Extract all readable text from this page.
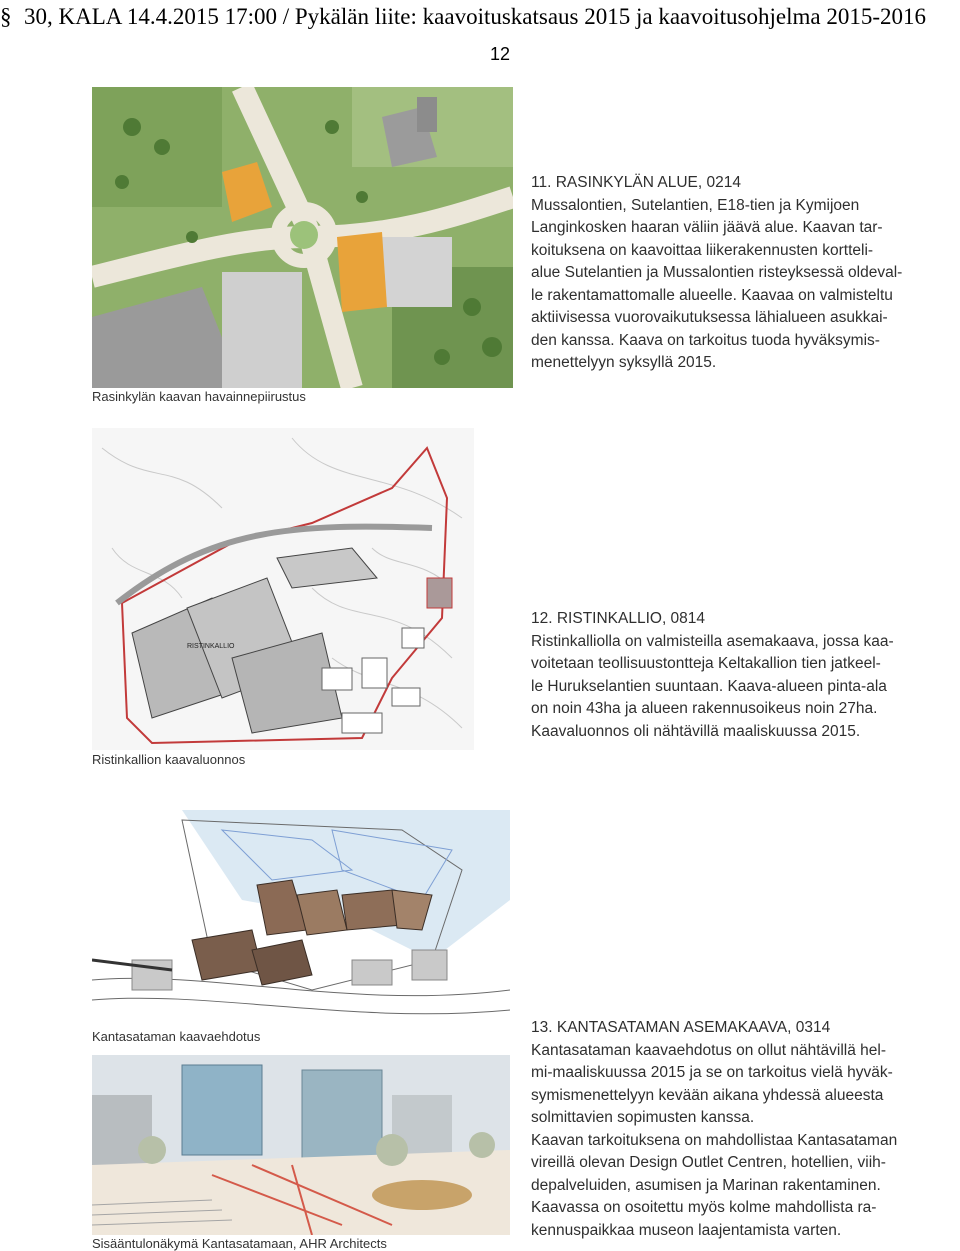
§ 30, KALA 14.4.2015 17:00 / Pykälän liite: kaavoituskatsaus 2015 ja kaavoitusohjelma 2015-2016
12
11. RASINKYLÄN ALUE, 0214
Mussalontien, Sutelantien, E18-tien ja Kymijoen
Langinkosken haaran väliin jäävä alue. Kaavan tar-
koituksena on kaavoittaa liikerakennusten kortteli-
alue Sutelantien ja Mussalontien risteyksessä oldeval-
le rakentamattomalle alueelle. Kaavaa on valmisteltu
aktiivisessa vuorovaikutuksessa lähialueen asukkai-
den kanssa. Kaava on tarkoitus tuoda hyväksymis-
menettelyyn syksyllä 2015.
Rasinkylän kaavan havainnepiirustus
RISTINKALLIO
12. RISTINKALLIO, 0814
Ristinkalliolla on valmisteilla asemakaava, jossa kaa-
voitetaan teollisuustontteja Keltakallion tien jatkeel-
le Hurukselantien suuntaan. Kaava-alueen pinta-ala
on noin 43ha ja alueen rakennusoikeus noin 27ha.
Kaavaluonnos oli nähtävillä maaliskuussa 2015.
Ristinkallion kaavaluonnos
Kantasataman kaavaehdotus
Sisääntulonäkymä Kantasatamaan, AHR Architects
13. KANTASATAMAN ASEMAKAAVA, 0314
Kantasataman kaavaehdotus on ollut nähtävillä hel-
mi-maaliskuussa 2015 ja se on tarkoitus vielä hyväk-
symismenettelyyn kevään aikana yhdessä alueesta
solmittavien sopimusten kanssa.
Kaavan tarkoituksena on mahdollistaa Kantasataman
vireillä olevan Design Outlet Centren, hotellien, viih-
depalveluiden, asumisen ja Marinan rakentaminen.
Kaavassa on osoitettu myös kolme mahdollista ra-
kennuspaikkaa museon laajentamista varten.
